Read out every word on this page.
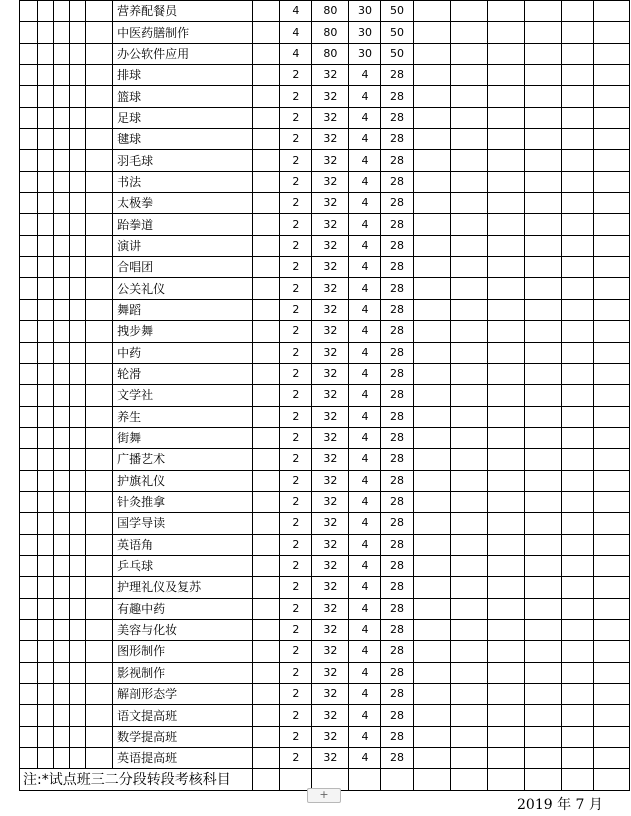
					营养配餐员		4	80	30	50						
					中医药膳制作		4	80	30	50						
					办公软件应用		4	80	30	50						
					排球		2	32	4	28						
					篮球		2	32	4	28						
					足球		2	32	4	28						
					毽球		2	32	4	28						
					羽毛球		2	32	4	28						
					书法		2	32	4	28						
					太极拳		2	32	4	28						
					跆拳道		2	32	4	28						
					演讲		2	32	4	28						
					合唱团		2	32	4	28						
					公关礼仪		2	32	4	28						
					舞蹈		2	32	4	28						
					拽步舞		2	32	4	28						
					中药		2	32	4	28						
					轮滑		2	32	4	28						
					文学社		2	32	4	28						
					养生		2	32	4	28						
					街舞		2	32	4	28						
					广播艺术		2	32	4	28						
					护旗礼仪		2	32	4	28						
					针灸推拿		2	32	4	28						
					国学导读		2	32	4	28						
					英语角		2	32	4	28						
					乒乓球		2	32	4	28						
					护理礼仪及复苏		2	32	4	28						
					有趣中药		2	32	4	28						
					美容与化妆		2	32	4	28						
					图形制作		2	32	4	28						
					影视制作		2	32	4	28						
					解剖形态学		2	32	4	28						
					语文提高班		2	32	4	28						
					数学提高班		2	32	4	28						
					英语提高班		2	32	4	28						
注:*试点班三二分段转段考核科目																
+
2019 年 7 月
